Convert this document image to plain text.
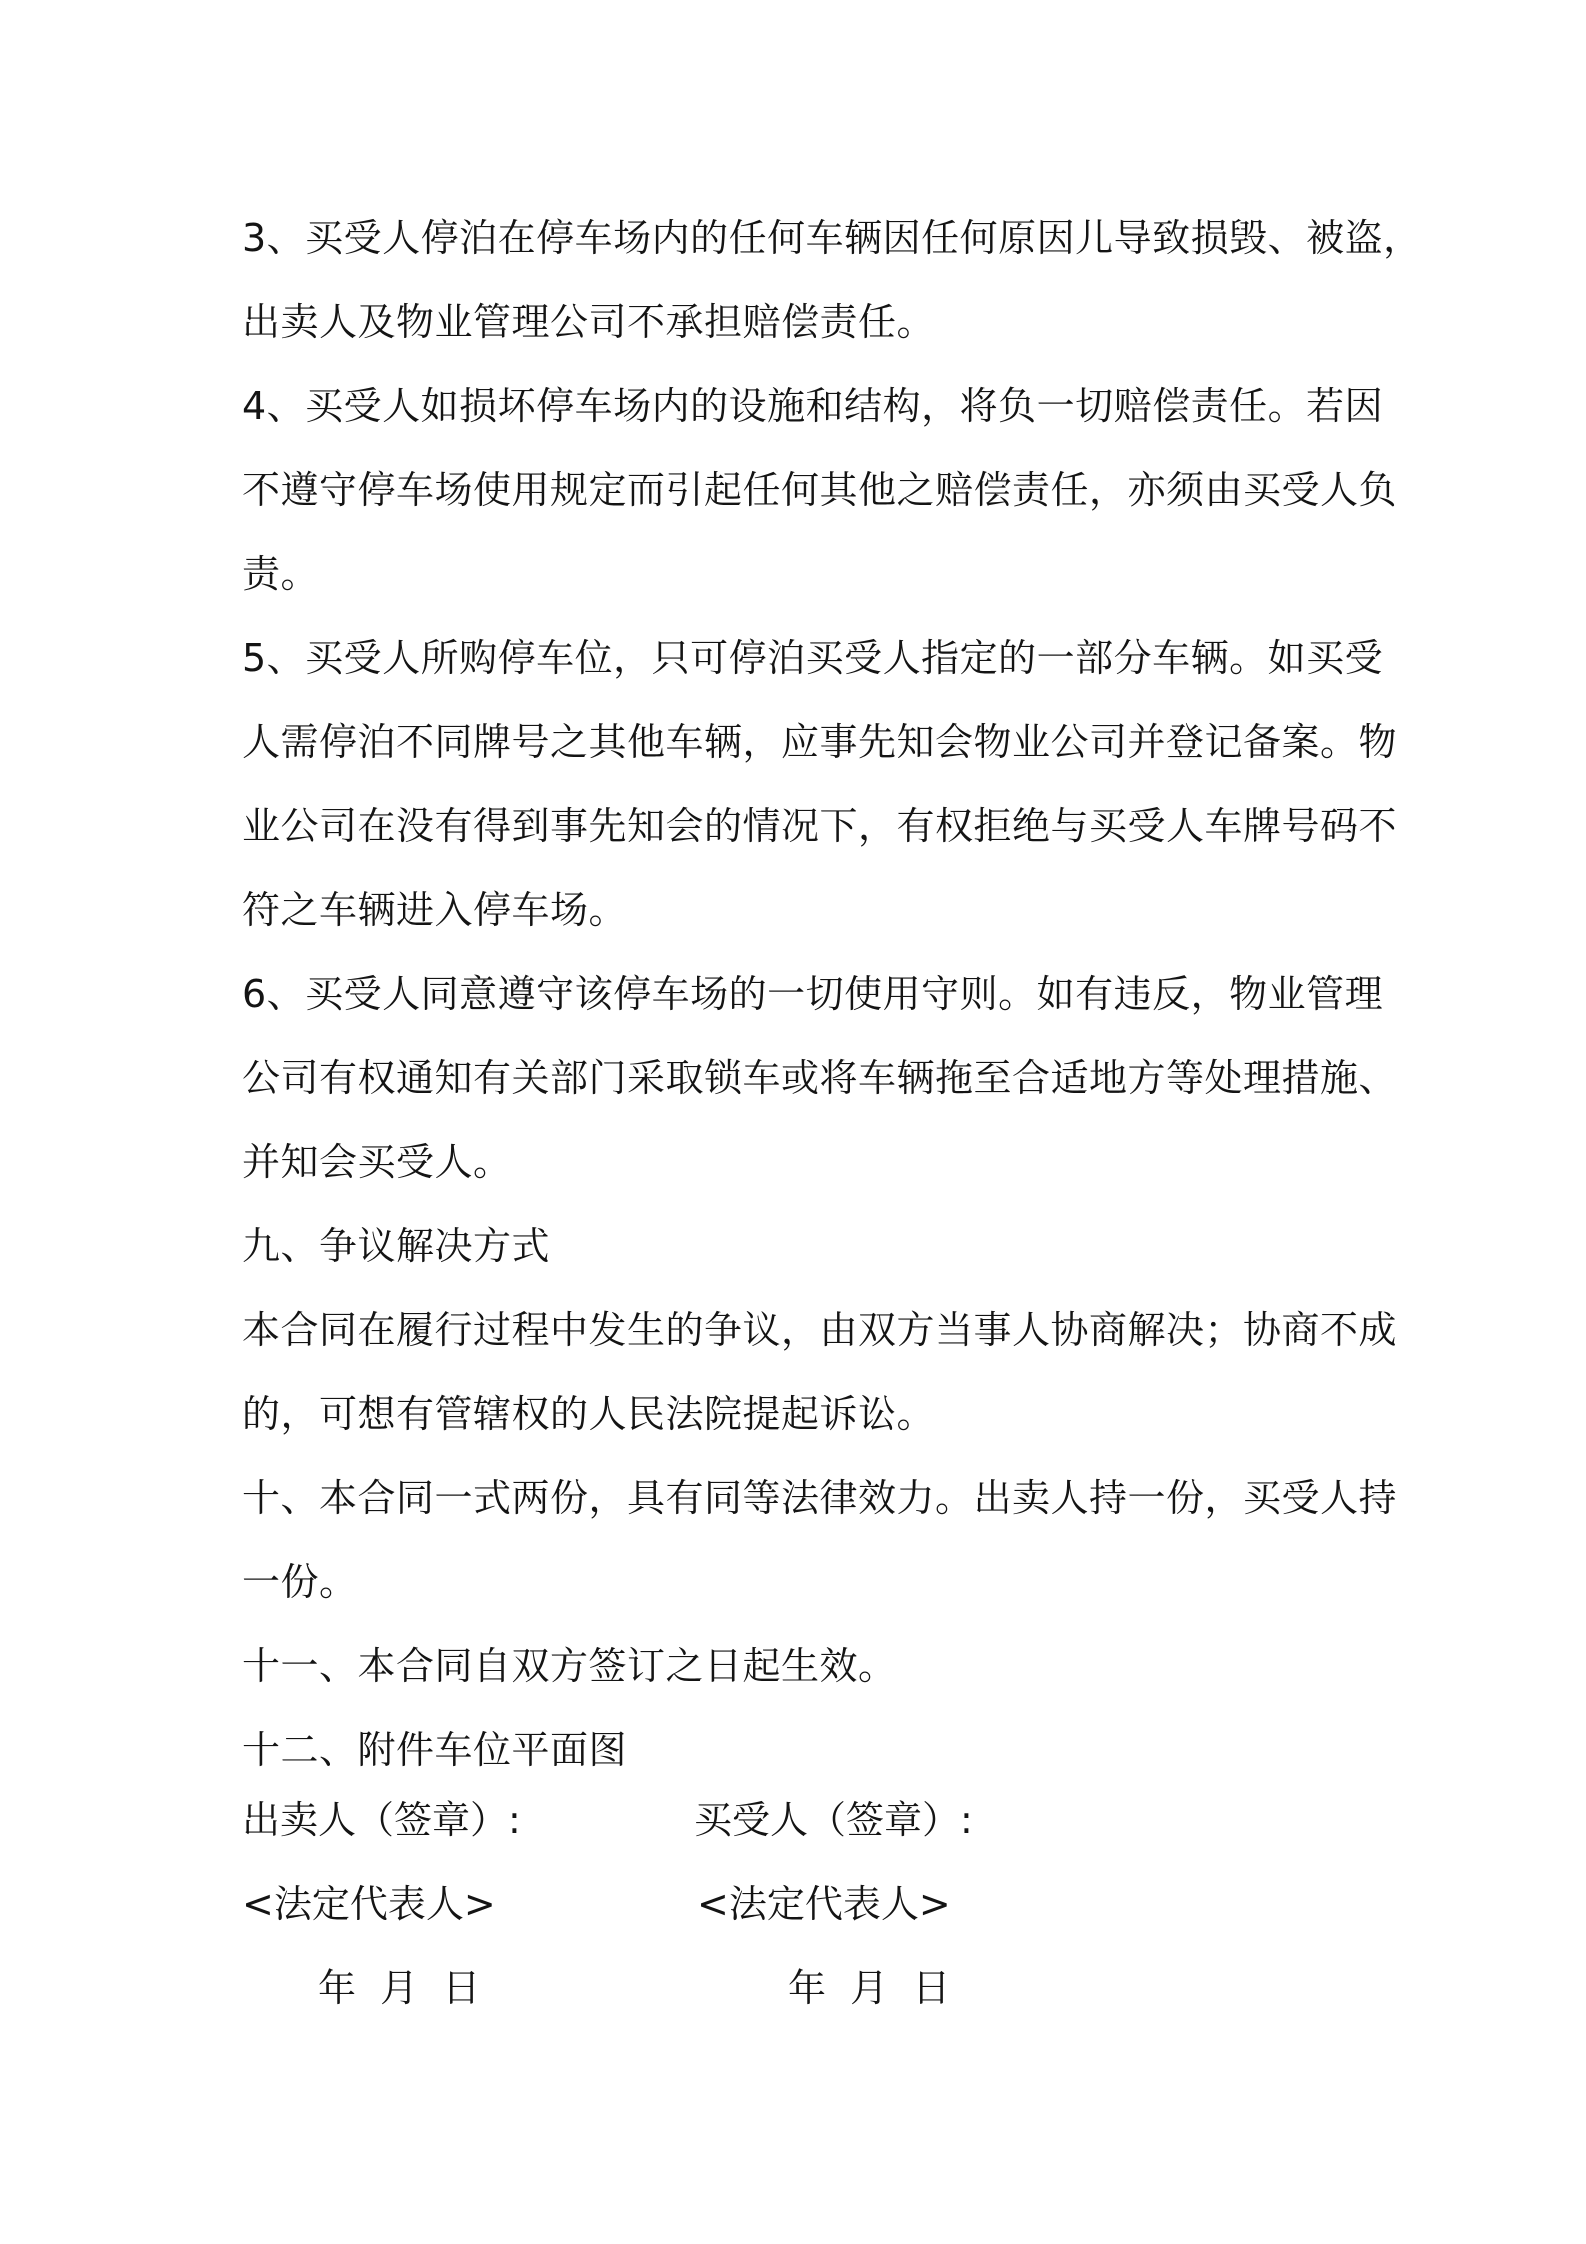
3、买受人停泊在停车场内的任何车辆因任何原因儿导致损毁、被盗，
出卖人及物业管理公司不承担赔偿责任。
4、买受人如损坏停车场内的设施和结构，将负一切赔偿责任。若因
不遵守停车场使用规定而引起任何其他之赔偿责任，亦须由买受人负
责。
5、买受人所购停车位，只可停泊买受人指定的一部分车辆。如买受
人需停泊不同牌号之其他车辆，应事先知会物业公司并登记备案。物
业公司在没有得到事先知会的情况下，有权拒绝与买受人车牌号码不
符之车辆进入停车场。
6、买受人同意遵守该停车场的一切使用守则。如有违反，物业管理
公司有权通知有关部门采取锁车或将车辆拖至合适地方等处理措施、
并知会买受人。
九、争议解决方式
本合同在履行过程中发生的争议，由双方当事人协商解决；协商不成
的，可想有管辖权的人民法院提起诉讼。
十、本合同一式两份，具有同等法律效力。出卖人持一份，买受人持
一份。
十一、本合同自双方签订之日起生效。
十二、附件车位平面图
出卖人（签章）:	买受人（签章）:
<法定代表人>	<法定代表人>
年  月  日	年  月  日
